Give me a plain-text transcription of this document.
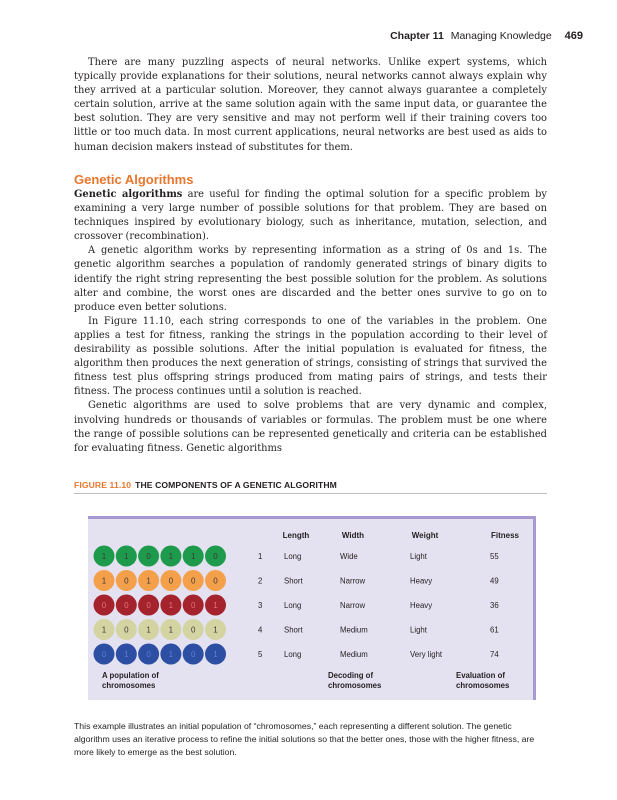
Chapter 11 Managing Knowledge 469

There are many puzzling aspects of neural networks. Unlike expert systems, which typically provide explanations for their solutions, neural networks cannot always explain why they arrived at a particular solution. Moreover, they cannot always guarantee a completely certain solution, arrive at the same solution again with the same input data, or guarantee the best solution. They are very sensitive and may not perform well if their training covers too little or too much data. In most current applications, neural networks are best used as aids to human decision makers instead of substitutes for them.

Genetic Algorithms

Genetic algorithms are useful for finding the optimal solution for a specific problem by examining a very large number of possible solutions for that problem. They are based on techniques inspired by evolutionary biology, such as inheritance, mutation, selection, and crossover (recombination).

A genetic algorithm works by representing information as a string of 0s and 1s. The genetic algorithm searches a population of randomly generated strings of binary digits to identify the right string representing the best possible solution for the problem. As solutions alter and combine, the worst ones are discarded and the better ones survive to go on to produce even better solutions.

In Figure 11.10, each string corresponds to one of the variables in the problem. One applies a test for fitness, ranking the strings in the population according to their level of desirability as possible solutions. After the initial population is evaluated for fitness, the algorithm then produces the next generation of strings, consisting of strings that survived the fitness test plus offspring strings produced from mating pairs of strings, and tests their fitness. The process continues until a solution is reached.

Genetic algorithms are used to solve problems that are very dynamic and complex, involving hundreds or thousands of variables or formulas. The problem must be one where the range of possible solutions can be represented genetically and criteria can be established for evaluating fitness. Genetic algorithms

FIGURE 11.10 THE COMPONENTS OF A GENETIC ALGORITHM
Length	Width	Weight	Fitness
1 1 0 1 1 0	1	Long	Wide	Light	55
1 0 1 0 0 0	2	Short	Narrow	Heavy	49
0 0 0 1 0 1	3	Long	Narrow	Heavy	36
1 0 1 1 0 1	4	Short	Medium	Light	61
0 1 0 1 0 1	5	Long	Medium	Very light	74
A population of
chromosomes
Decoding of
chromosomes
Evaluation of
chromosomes
This example illustrates an initial population of “chromosomes,” each representing a different solution. The genetic algorithm uses an iterative process to refine the initial solutions so that the better ones, those with the higher fitness, are more likely to emerge as the best solution.
